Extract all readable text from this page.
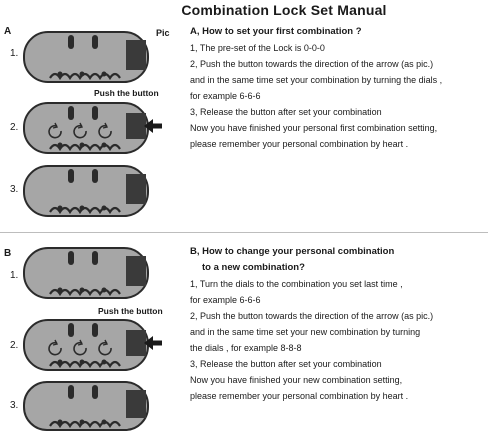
Combination Lock Set Manual
A	Pic
1.
Push the button
2.
3.
A, How to set your first combination ?
1, The pre-set of the Lock is 0-0-0
2, Push the button towards the direction of the arrow (as pic.)
and in the same time set your combination by turning the dials ,
for example 6-6-6
3, Release the button after set your combination
Now you have finished your personal first combination setting,
please remember your personal combination by heart .
B
1.
Push the button
2.
3.
B, How to change your personal combination
to a new combination?
1, Turn the dials to the combination you set last time ,
for example 6-6-6
2, Push the button towards the direction of the arrow (as pic.)
and in the same time set your new combination by turning
the dials , for example 8-8-8
3, Release the button after set your combination
Now you have finished your new combination setting,
please remember your personal combination by heart .
